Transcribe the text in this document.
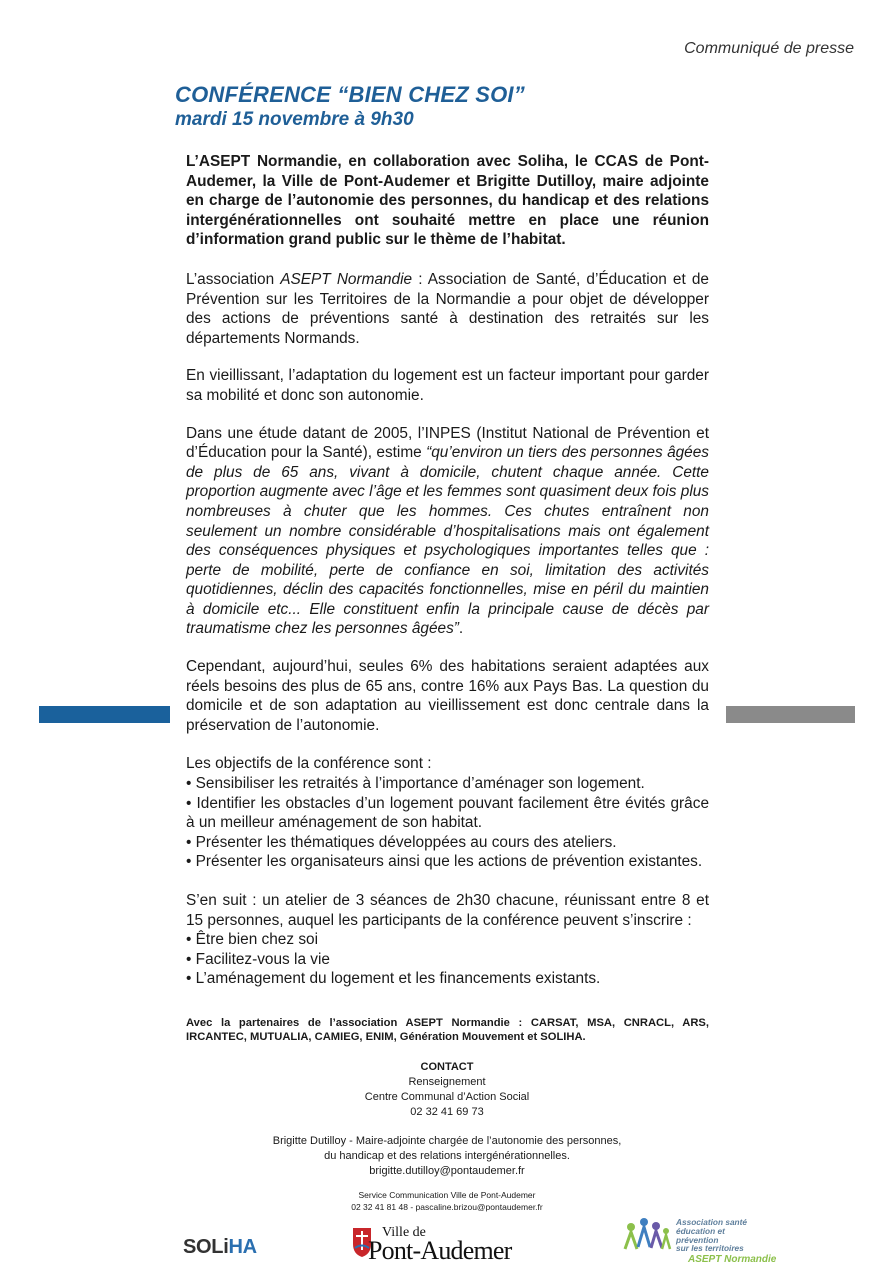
Communiqué de presse
CONFÉRENCE “BIEN CHEZ SOI”
mardi 15 novembre à 9h30

L’ASEPT Normandie, en collaboration avec Soliha, le CCAS de Pont-Audemer, la Ville de Pont-Audemer et Brigitte Dutilloy, maire adjointe en charge de l’autonomie des personnes, du handicap et des relations intergénérationnelles ont souhaité mettre en place une réunion d’information grand public sur le thème de l’habitat.

L’association ASEPT Normandie : Association de Santé, d’Éducation et de Prévention sur les Territoires de la Normandie a pour objet de développer des actions de préventions santé à destination des retraités sur les départements Normands.

En vieillissant, l’adaptation du logement est un facteur important pour garder sa mobilité et donc son autonomie.

Dans une étude datant de 2005, l’INPES (Institut National de Prévention et d’Éducation pour la Santé), estime “qu’environ un tiers des personnes âgées de plus de 65 ans, vivant à domicile, chutent chaque année. Cette proportion augmente avec l’âge et les femmes sont quasiment deux fois plus nombreuses à chuter que les hommes. Ces chutes entraînent non seulement un nombre considérable d’hospitalisations mais ont également des conséquences physiques et psychologiques importantes telles que : perte de mobilité, perte de confiance en soi, limitation des activités quotidiennes, déclin des capacités fonctionnelles, mise en péril du maintien à domicile etc... Elle constituent enfin la principale cause de décès par traumatisme chez les personnes âgées”.

Cependant, aujourd’hui, seules 6% des habitations seraient adaptées aux réels besoins des plus de 65 ans, contre 16% aux Pays Bas. La question du domicile et de son adaptation au vieillissement est donc centrale dans la préservation de l’autonomie.

Les objectifs de la conférence sont :

• Sensibiliser les retraités à l’importance d’aménager son logement.

• Identifier les obstacles d’un logement pouvant facilement être évités grâce à un meilleur aménagement de son habitat.

• Présenter les thématiques développées au cours des ateliers.

• Présenter les organisateurs ainsi que les actions de prévention existantes.

S’en suit : un atelier de 3 séances de 2h30 chacune, réunissant entre 8 et 15 personnes, auquel les participants de la conférence peuvent s’inscrire :

• Être bien chez soi

• Facilitez-vous la vie

• L’aménagement du logement et les financements existants.

Avec la partenaires de l’association ASEPT Normandie : CARSAT, MSA, CNRACL, ARS, IRCANTEC, MUTUALIA, CAMIEG, ENIM, Génération Mouvement et SOLIHA.
CONTACT
Renseignement
Centre Communal d’Action Social
02 32 41 69 73
Brigitte Dutilloy - Maire-adjointe chargée de l’autonomie des personnes,
du handicap et des relations intergénérationnelles.
brigitte.dutilloy@pontaudemer.fr
Service Communication Ville de Pont-Audemer
02 32 41 81 48 - pascaline.brizou@pontaudemer.fr
SOLiHA
Ville de
Pont-Audemer
Association santé
éducation et prévention
sur les territoires
ASEPT Normandie
